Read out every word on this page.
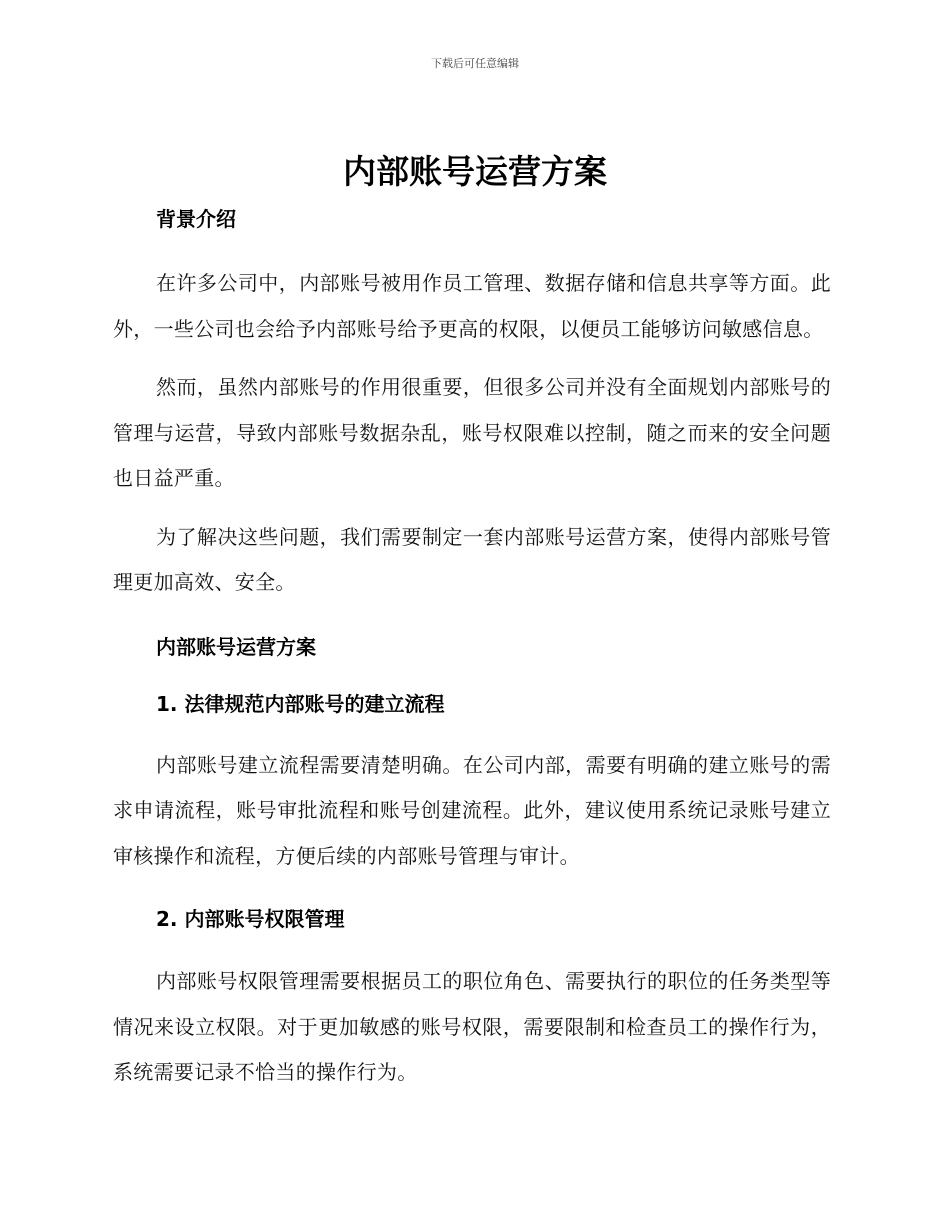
下载后可任意编辑
内部账号运营方案
背景介绍

在许多公司中，内部账号被用作员工管理、数据存储和信息共享等方面。此外，一些公司也会给予内部账号给予更高的权限，以便员工能够访问敏感信息。

然而，虽然内部账号的作用很重要，但很多公司并没有全面规划内部账号的管理与运营，导致内部账号数据杂乱，账号权限难以控制，随之而来的安全问题也日益严重。

为了解决这些问题，我们需要制定一套内部账号运营方案，使得内部账号管理更加高效、安全。

内部账号运营方案
1. 法律规范内部账号的建立流程

内部账号建立流程需要清楚明确。在公司内部，需要有明确的建立账号的需求申请流程，账号审批流程和账号创建流程。此外，建议使用系统记录账号建立审核操作和流程，方便后续的内部账号管理与审计。

2. 内部账号权限管理

内部账号权限管理需要根据员工的职位角色、需要执行的职位的任务类型等情况来设立权限。对于更加敏感的账号权限，需要限制和检查员工的操作行为，系统需要记录不恰当的操作行为。
